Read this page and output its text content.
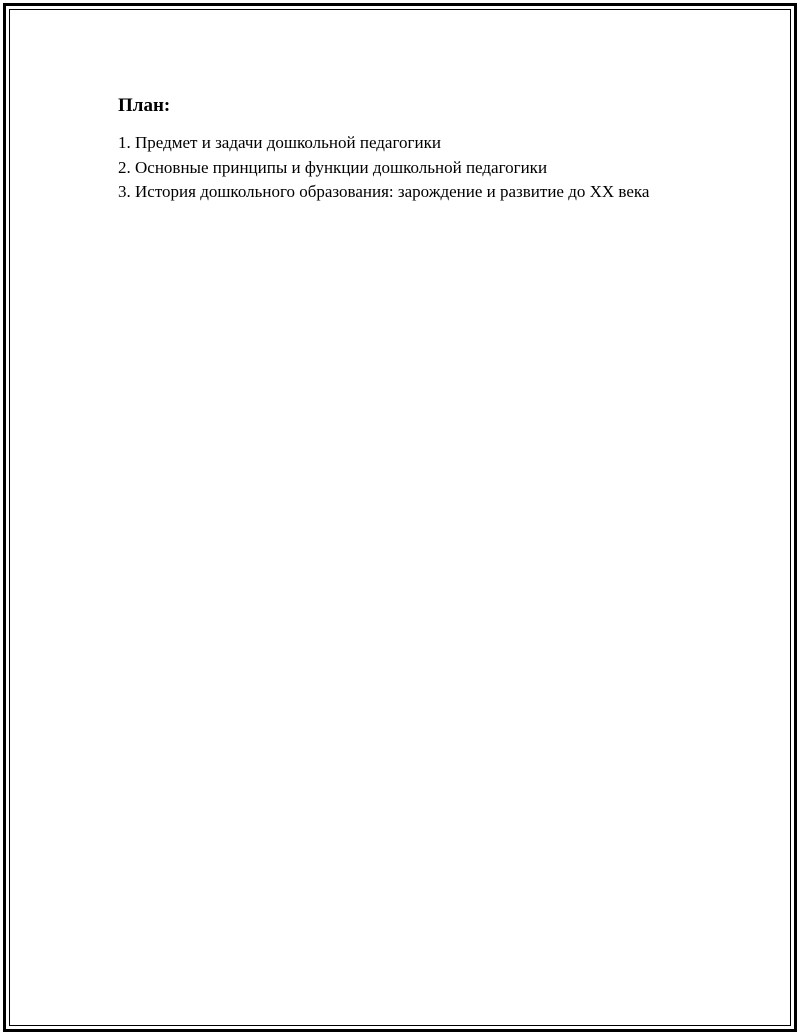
План:
1. Предмет и задачи дошкольной педагогики
2. Основные принципы и функции дошкольной педагогики
3. История дошкольного образования: зарождение и развитие до XX века
